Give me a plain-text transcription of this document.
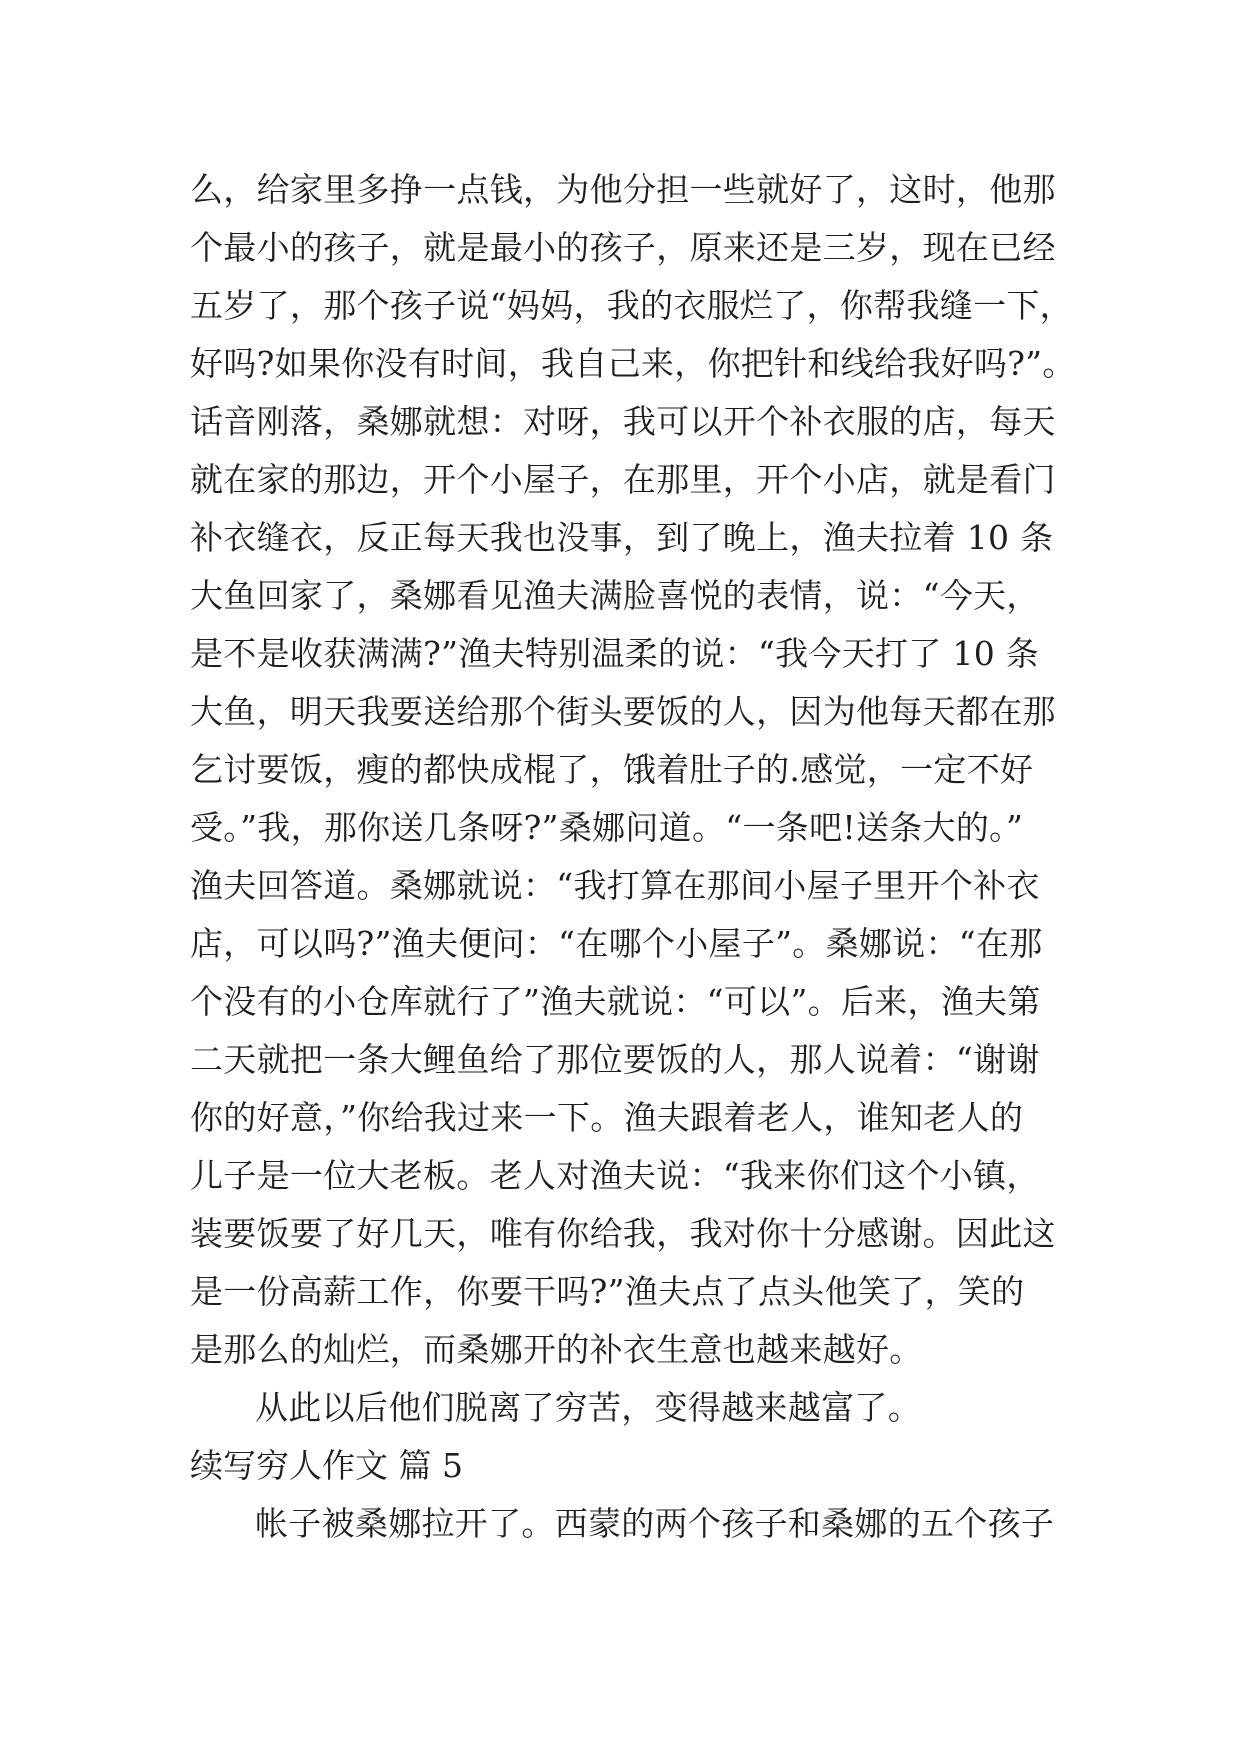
么，给家里多挣一点钱，为他分担一些就好了，这时，他那
个最小的孩子，就是最小的孩子，原来还是三岁，现在已经
五岁了，那个孩子说“妈妈，我的衣服烂了，你帮我缝一下，
好吗?如果你没有时间，我自己来，你把针和线给我好吗?”。
话音刚落，桑娜就想：对呀，我可以开个补衣服的店，每天
就在家的那边，开个小屋子，在那里，开个小店，就是看门
补衣缝衣，反正每天我也没事，到了晚上，渔夫拉着 10 条
大鱼回家了，桑娜看见渔夫满脸喜悦的表情，说：“今天，
是不是收获满满?”渔夫特别温柔的说：“我今天打了 10 条
大鱼，明天我要送给那个街头要饭的人，因为他每天都在那
乞讨要饭，瘦的都快成棍了，饿着肚子的.感觉，一定不好
受。”我，那你送几条呀?”桑娜问道。“一条吧!送条大的。”
渔夫回答道。桑娜就说：“我打算在那间小屋子里开个补衣
店，可以吗?”渔夫便问：“在哪个小屋子”。桑娜说：“在那
个没有的小仓库就行了”渔夫就说：“可以”。后来，渔夫第
二天就把一条大鲤鱼给了那位要饭的人，那人说着：“谢谢
你的好意，”你给我过来一下。渔夫跟着老人，谁知老人的
儿子是一位大老板。老人对渔夫说：“我来你们这个小镇，
装要饭要了好几天，唯有你给我，我对你十分感谢。因此这
是一份高薪工作，你要干吗?”渔夫点了点头他笑了，笑的
是那么的灿烂，而桑娜开的补衣生意也越来越好。
从此以后他们脱离了穷苦，变得越来越富了。
续写穷人作文 篇 5
帐子被桑娜拉开了。西蒙的两个孩子和桑娜的五个孩子
